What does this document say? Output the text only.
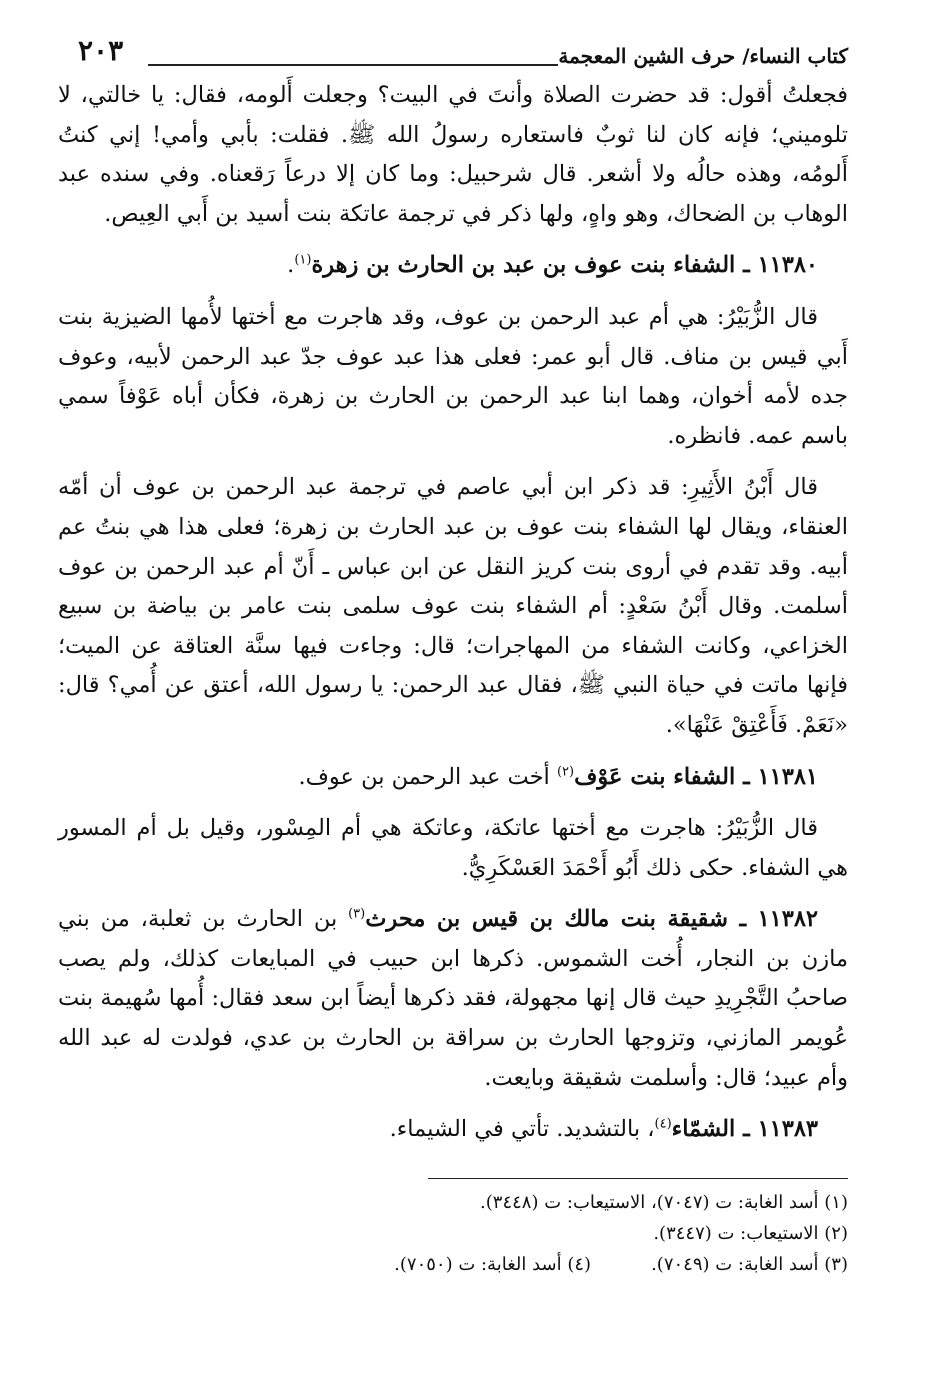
كتاب النساء/ حرف الشين المعجمة
٢٠٣

فجعلتُ أقول: قد حضرت الصلاة وأنتَ في البيت؟ وجعلت أَلومه، فقال: يا خالتي، لا تلوميني؛ فإنه كان لنا ثوبٌ فاستعاره رسولُ الله ﷺ. فقلت: بأبي وأمي! إني كنتُ أَلومُه، وهذه حالُه ولا أشعر. قال شرحبيل: وما كان إلا درعاً رَقعناه. وفي سنده عبد الوهاب بن الضحاك، وهو واهٍ، ولها ذكر في ترجمة عاتكة بنت أسيد بن أَبي العِيص.

١١٣٨٠ ـ الشفاء بنت عوف بن عبد بن الحارث بن زهرة$^{(١)}$.

قال الزُّبَيْرُ: هي أم عبد الرحمن بن عوف، وقد هاجرت مع أختها لأُمها الضيزية بنت أَبي قيس بن مناف. قال أبو عمر: فعلى هذا عبد عوف جدّ عبد الرحمن لأبيه، وعوف جده لأمه أخوان، وهما ابنا عبد الرحمن بن الحارث بن زهرة، فكأن أباه عَوْفاً سمي باسم عمه. فانظره.

قال أَبْنُ الأَثِيرِ: قد ذكر ابن أبي عاصم في ترجمة عبد الرحمن بن عوف أن أمّه العنقاء، ويقال لها الشفاء بنت عوف بن عبد الحارث بن زهرة؛ فعلى هذا هي بنتُ عم أبيه. وقد تقدم في أروى بنت كريز النقل عن ابن عباس ـ أَنّ أم عبد الرحمن بن عوف أسلمت. وقال أَبْنُ سَعْدٍ: أم الشفاء بنت عوف سلمى بنت عامر بن بياضة بن سبيع الخزاعي، وكانت الشفاء من المهاجرات؛ قال: وجاءت فيها سنَّة العتاقة عن الميت؛ فإنها ماتت في حياة النبي ﷺ، فقال عبد الرحمن: يا رسول الله، أعتق عن أُمي؟ قال: «نَعَمْ. فَأَعْتِقْ عَنْهَا».

١١٣٨١ ـ الشفاء بنت عَوْف$^{(٢)}$ أخت عبد الرحمن بن عوف.

قال الزُّبَيْرُ: هاجرت مع أختها عاتكة، وعاتكة هي أم المِسْور، وقيل بل أم المسور هي الشفاء. حكى ذلك أَبُو أَحْمَدَ العَسْكَرِيُّ.

١١٣٨٢ ـ شقيقة بنت مالك بن قيس بن محرث$^{(٣)}$ بن الحارث بن ثعلبة، من بني مازن بن النجار، أُخت الشموس. ذكرها ابن حبيب في المبايعات كذلك، ولم يصب صاحبُ التَّجْرِيدِ حيث قال إنها مجهولة، فقد ذكرها أيضاً ابن سعد فقال: أُمها سُهيمة بنت عُويمر المازني، وتزوجها الحارث بن سراقة بن الحارث بن عدي، فولدت له عبد الله وأم عبيد؛ قال: وأسلمت شقيقة وبايعت.

١١٣٨٣ ـ الشمّاء$^{(٤)}$، بالتشديد. تأتي في الشيماء.

(١) أسد الغابة: ت (٧٠٤٧)، الاستيعاب: ت (٣٤٤٨).
(٢) الاستيعاب: ت (٣٤٤٧).
(٣) أسد الغابة: ت (٧٠٤٩).
(٤) أسد الغابة: ت (٧٠٥٠).
